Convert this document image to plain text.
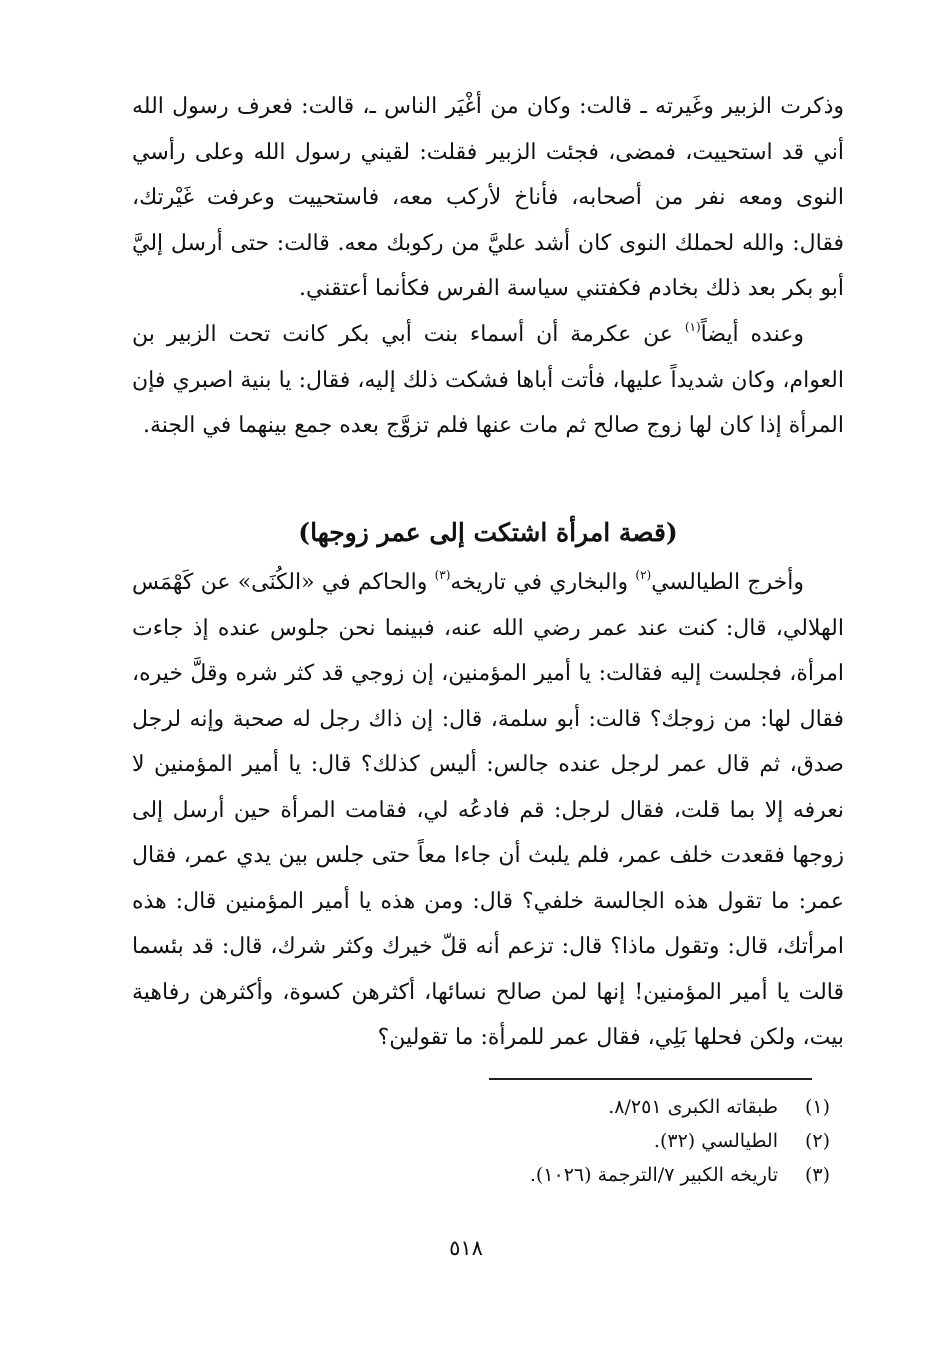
وذكرت الزبير وغَيرته ـ قالت: وكان من أغْيَر الناس ـ، قالت: فعرف رسول الله أني قد استحييت، فمضى، فجئت الزبير فقلت: لقيني رسول الله وعلى رأسي النوى ومعه نفر من أصحابه، فأناخ لأركب معه، فاستحييت وعرفت غَيْرتك، فقال: والله لحملك النوى كان أشد عليَّ من ركوبك معه. قالت: حتى أرسل إليَّ أبو بكر بعد ذلك بخادم فكفتني سياسة الفرس فكأنما أعتقني.

وعنده أيضاً$^{(١)}$ عن عكرمة أن أسماء بنت أبي بكر كانت تحت الزبير بن العوام، وكان شديداً عليها، فأتت أباها فشكت ذلك إليه، فقال: يا بنية اصبري فإن المرأة إذا كان لها زوج صالح ثم مات عنها فلم تزوَّج بعده جمع بينهما في الجنة.

(قصة امرأة اشتكت إلى عمر زوجها)

وأخرج الطيالسي$^{(٢)}$ والبخاري في تاريخه$^{(٣)}$ والحاكم في «الكُنَى» عن كَهْمَس الهلالي، قال: كنت عند عمر رضي الله عنه، فبينما نحن جلوس عنده إذ جاءت امرأة، فجلست إليه فقالت: يا أمير المؤمنين، إن زوجي قد كثر شره وقلَّ خيره، فقال لها: من زوجك؟ قالت: أبو سلمة، قال: إن ذاك رجل له صحبة وإنه لرجل صدق، ثم قال عمر لرجل عنده جالس: أليس كذلك؟ قال: يا أمير المؤمنين لا نعرفه إلا بما قلت، فقال لرجل: قم فادعُه لي، فقامت المرأة حين أرسل إلى زوجها فقعدت خلف عمر، فلم يلبث أن جاءا معاً حتى جلس بين يدي عمر، فقال عمر: ما تقول هذه الجالسة خلفي؟ قال: ومن هذه يا أمير المؤمنين قال: هذه امرأتك، قال: وتقول ماذا؟ قال: تزعم أنه قلّ خيرك وكثر شرك، قال: قد بئسما قالت يا أمير المؤمنين! إنها لمن صالح نسائها، أكثرهن كسوة، وأكثرهن رفاهية بيت، ولكن فحلها بَلِي، فقال عمر للمرأة: ما تقولين؟

(١)
طبقاته الكبرى ٨/٢٥١.
(٢)
الطيالسي (٣٢).
(٣)
تاريخه الكبير ٧/الترجمة (١٠٢٦).
٥١٨
